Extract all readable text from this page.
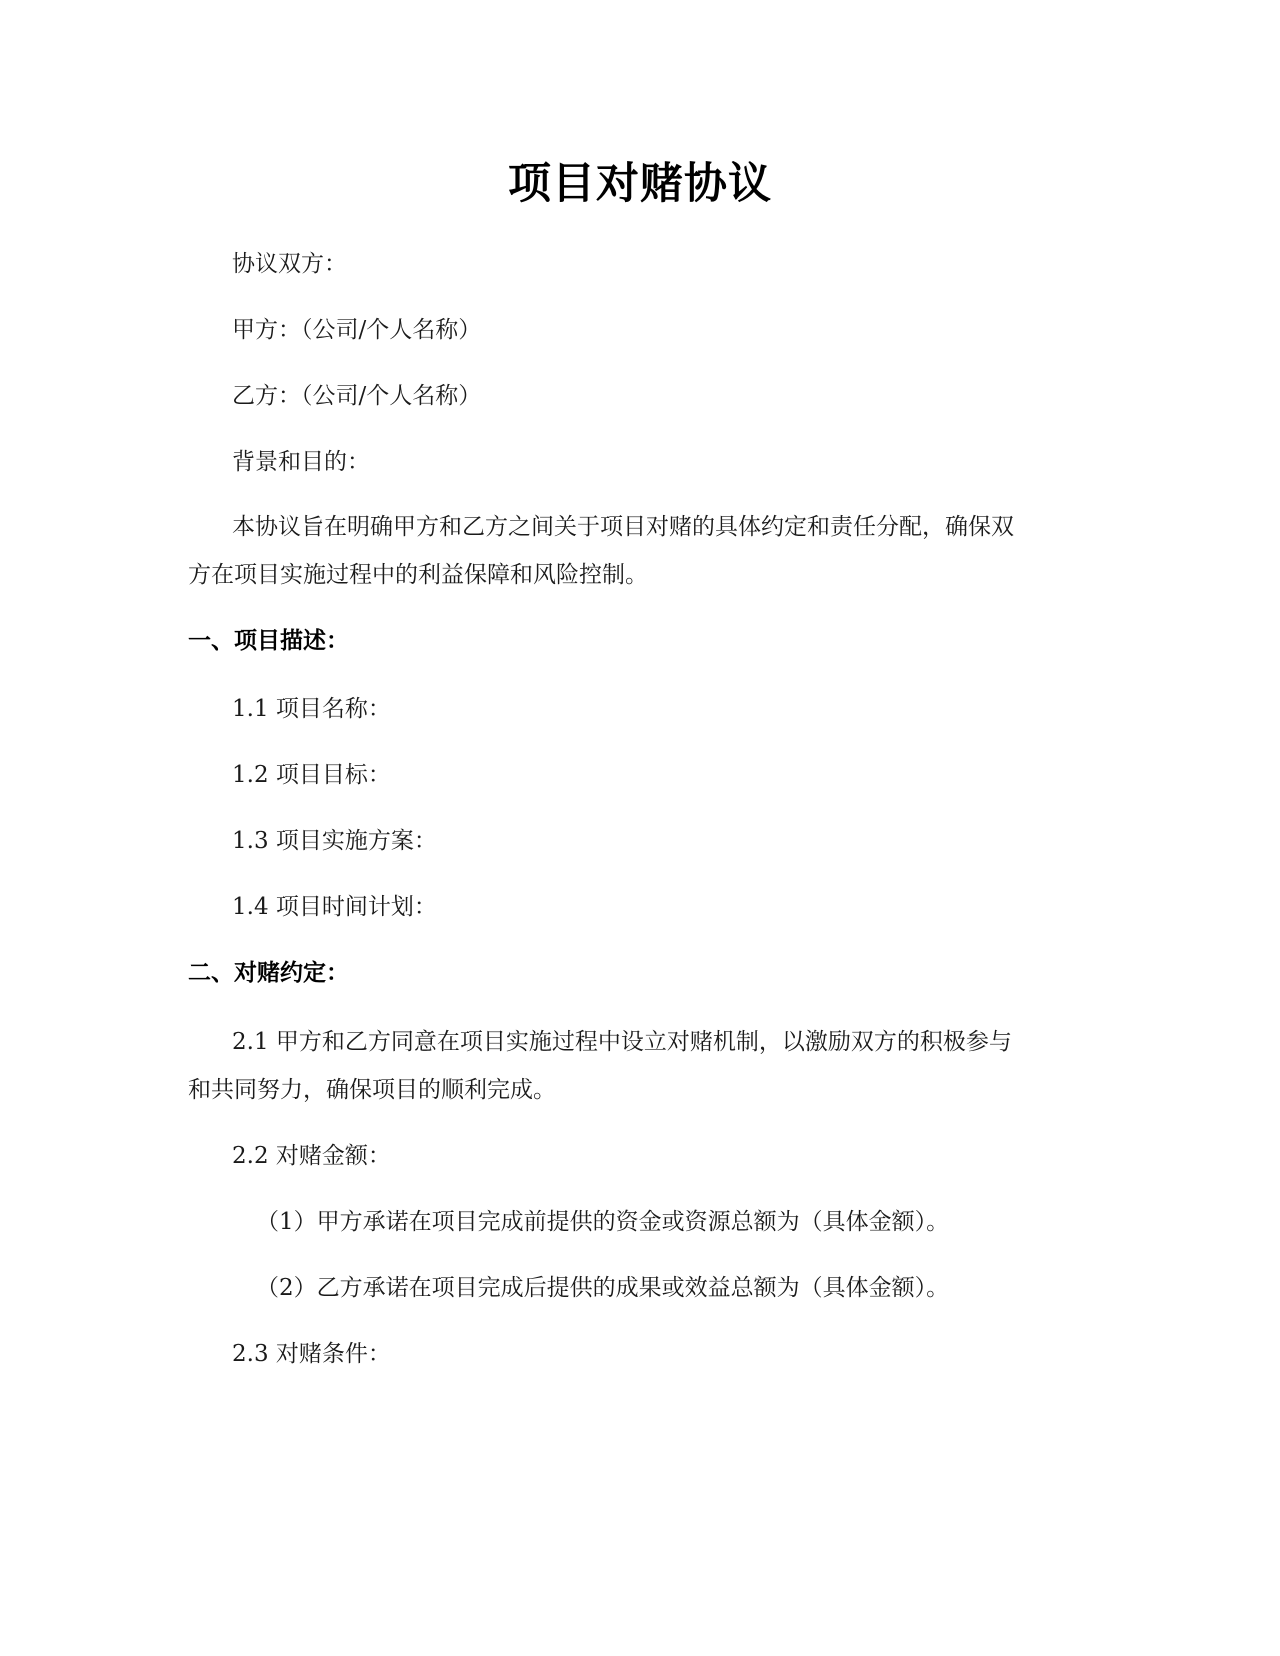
项目对赌协议
协议双方：
甲方：（公司/个人名称）
乙方：（公司/个人名称）
背景和目的：
本协议旨在明确甲方和乙方之间关于项目对赌的具体约定和责任分配，确保双
方在项目实施过程中的利益保障和风险控制。
一、项目描述：
1.1 项目名称：
1.2 项目目标：
1.3 项目实施方案：
1.4 项目时间计划：
二、对赌约定：
2.1 甲方和乙方同意在项目实施过程中设立对赌机制，以激励双方的积极参与
和共同努力，确保项目的顺利完成。
2.2 对赌金额：
（1）甲方承诺在项目完成前提供的资金或资源总额为（具体金额）。
（2）乙方承诺在项目完成后提供的成果或效益总额为（具体金额）。
2.3 对赌条件：
